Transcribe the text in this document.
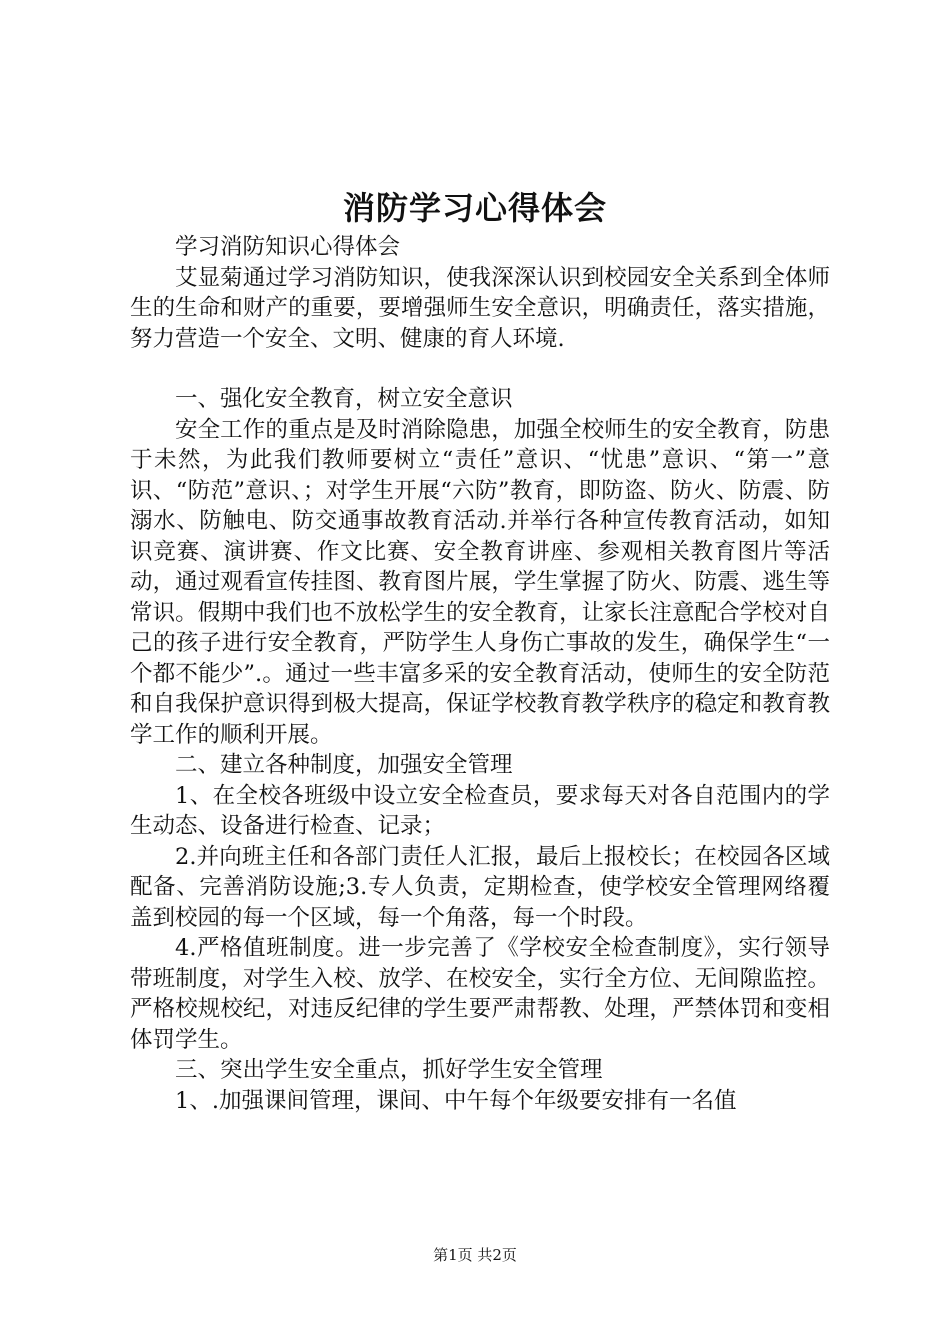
消防学习心得体会

学习消防知识心得体会

艾显菊通过学习消防知识，使我深深认识到校园安全关系到全体师生的生命和财产的重要，要增强师生安全意识，明确责任，落实措施，努力营造一个安全、文明、健康的育人环境.

一、强化安全教育，树立安全意识

安全工作的重点是及时消除隐患，加强全校师生的安全教育，防患于未然，为此我们教师要树立“责任”意识、“忧患”意识、“第一”意识、“防范”意识、；对学生开展“六防”教育，即防盗、防火、防震、防溺水、防触电、防交通事故教育活动.并举行各种宣传教育活动，如知识竞赛、演讲赛、作文比赛、安全教育讲座、参观相关教育图片等活动，通过观看宣传挂图、教育图片展，学生掌握了防火、防震、逃生等常识。假期中我们也不放松学生的安全教育，让家长注意配合学校对自己的孩子进行安全教育，严防学生人身伤亡事故的发生，确保学生“一个都不能少”.。通过一些丰富多采的安全教育活动，使师生的安全防范和自我保护意识得到极大提高，保证学校教育教学秩序的稳定和教育教学工作的顺利开展。

二、建立各种制度，加强安全管理

1、在全校各班级中设立安全检查员，要求每天对各自范围内的学生动态、设备进行检查、记录；

2.并向班主任和各部门责任人汇报，最后上报校长；在校园各区域配备、完善消防设施;3.专人负责，定期检查，使学校安全管理网络覆盖到校园的每一个区域，每一个角落，每一个时段。

4.严格值班制度。进一步完善了《学校安全检查制度》，实行领导带班制度，对学生入校、放学、在校安全，实行全方位、无间隙监控。严格校规校纪，对违反纪律的学生要严肃帮教、处理，严禁体罚和变相体罚学生。

三、突出学生安全重点，抓好学生安全管理

1、.加强课间管理，课间、中午每个年级要安排有一名值

第1页 共2页
